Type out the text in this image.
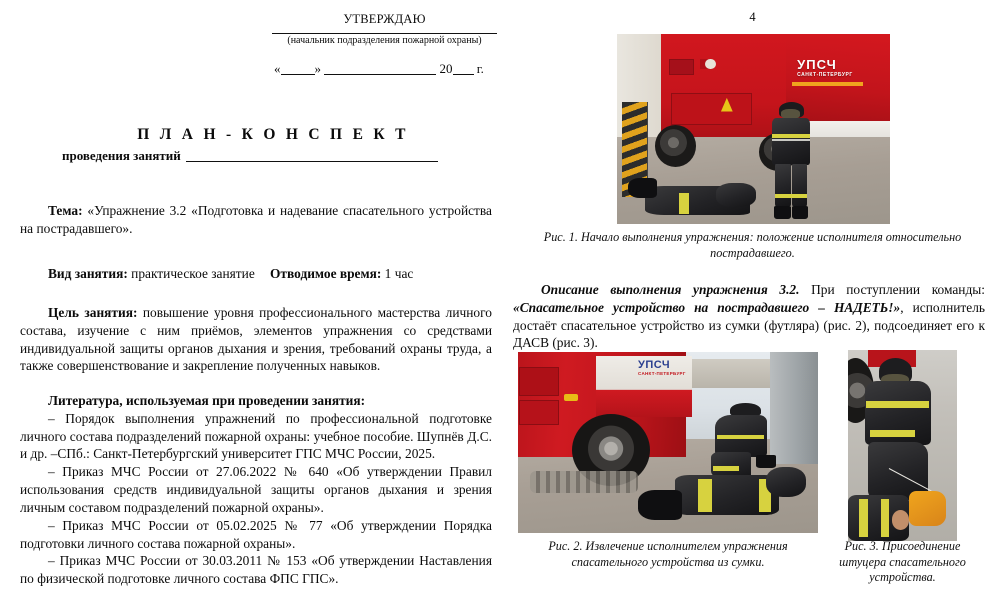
УТВЕРЖДАЮ
(начальник подразделения пожарной охраны)
«	»	20 г.
П Л А Н - К О Н С П Е К Т
проведения занятий

Тема: «Упражнение 3.2 «Подготовка и надевание спасательного устройства на пострадавшего».

Вид занятия: практическое занятие	Отводимое время: 1 час

Цель занятия: повышение уровня профессионального мастерства личного состава, изучение с ним приёмов, элементов упражнения со средствами индивидуальной защиты органов дыхания и зрения, требований охраны труда, а также совершенствование и закрепление полученных навыков.

Литература, используемая при проведении занятия:

– Порядок выполнения упражнений по профессиональной подготовке личного состава подразделений пожарной охраны: учебное пособие. Шупнёв Д.С. и др. –СПб.: Санкт-Петербургский университет ГПС МЧС России, 2025.

– Приказ МЧС России от 27.06.2022 № 640 «Об утверждении Правил использования средств индивидуальной защиты органов дыхания и зрения личным составом подразделений пожарной охраны».

– Приказ МЧС России от 05.02.2025 № 77 «Об утверждении Порядка подготовки личного состава пожарной охраны».

– Приказ МЧС России от 30.03.2011 № 153 «Об утверждении Наставления по физической подготовке личного состава ФПС ГПС».

4
УПСЧ
САНКТ-ПЕТЕРБУРГ
Рис. 1. Начало выполнения упражнения: положение исполнителя относительно пострадавшего.

Описание выполнения упражнения 3.2. При поступлении команды: «Спасательное устройство на пострадавшего – НАДЕТЬ!», исполнитель достаёт спасательное устройство из сумки (футляра) (рис. 2), подсоединяет его к ДАСВ (рис. 3).

УПСЧ
САНКТ-ПЕТЕРБУРГ
Рис. 2. Извлечение исполнителем упражнения спасательного устройства из сумки.
Рис. 3. Присоединение штуцера спасательного устройства.
